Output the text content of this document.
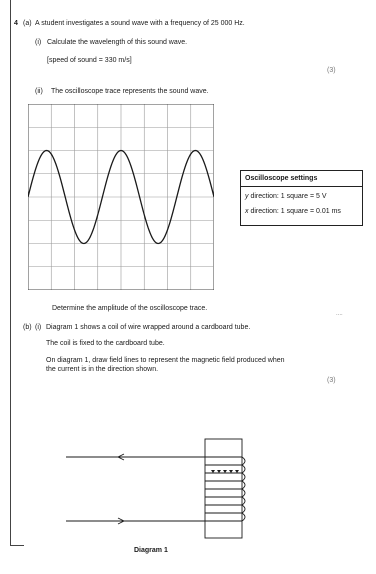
4 (a) A student investigates a sound wave with a frequency of 25 000 Hz.
(i) Calculate the wavelength of this sound wave.
[speed of sound = 330 m/s]
(3)
(ii) The oscilloscope trace represents the sound wave.
Oscilloscope settings
y direction: 1 square = 5 V
x direction: 1 square = 0.01 ms
Determine the amplitude of the oscilloscope trace.
....
(b) (i) Diagram 1 shows a coil of wire wrapped around a cardboard tube.
The coil is fixed to the cardboard tube.
On diagram 1, draw field lines to represent the magnetic field produced when
the current is in the direction shown.
(3)
Diagram 1
